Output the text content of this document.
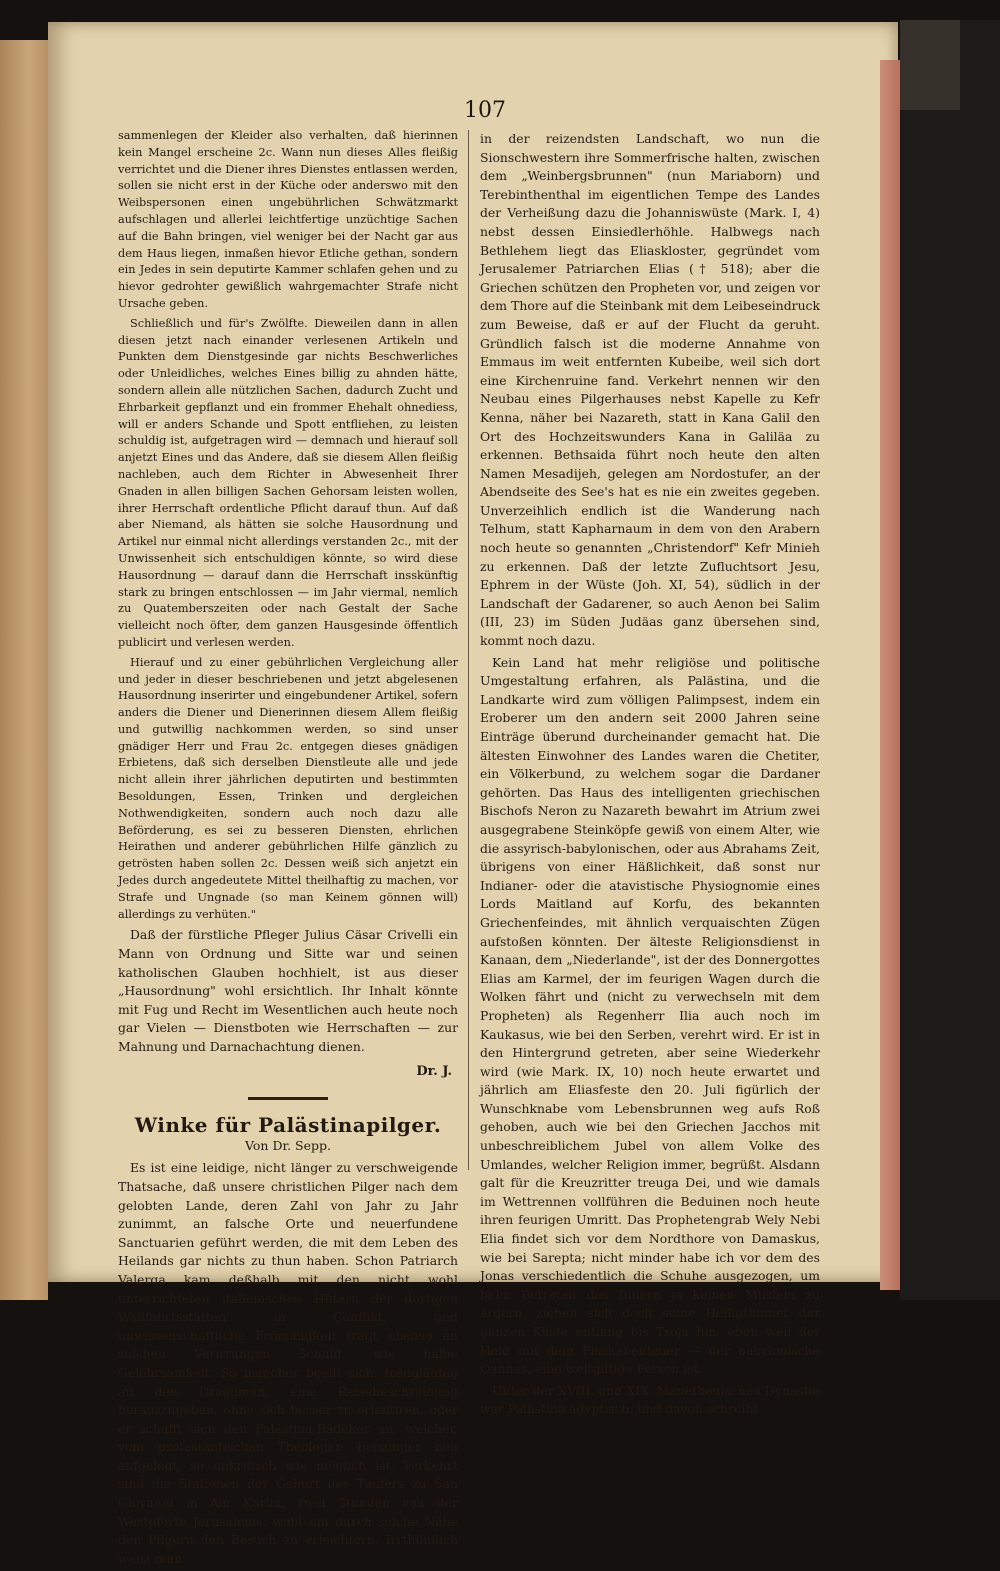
107

sammenlegen der Kleider also verhalten, daß hierinnen kein Mangel erscheine 2c. Wann nun dieses Alles fleißig verrichtet und die Diener ihres Dienstes entlassen werden, sollen sie nicht erst in der Küche oder anderswo mit den Weibspersonen einen ungebührlichen Schwätzmarkt aufschlagen und allerlei leichtfertige unzüchtige Sachen auf die Bahn bringen, viel weniger bei der Nacht gar aus dem Haus liegen, inmaßen hievor Etliche gethan, sondern ein Jedes in sein deputirte Kammer schlafen gehen und zu hievor gedrohter gewißlich wahrgemachter Strafe nicht Ursache geben.

Schließlich und für's Zwölfte. Dieweilen dann in allen diesen jetzt nach einander verlesenen Artikeln und Punkten dem Dienstgesinde gar nichts Beschwerliches oder Unleidliches, welches Eines billig zu ahnden hätte, sondern allein alle nützlichen Sachen, dadurch Zucht und Ehrbarkeit gepflanzt und ein frommer Ehehalt ohnediess, will er anders Schande und Spott entfliehen, zu leisten schuldig ist, aufgetragen wird — demnach und hierauf soll anjetzt Eines und das Andere, daß sie diesem Allen fleißig nachleben, auch dem Richter in Abwesenheit Ihrer Gnaden in allen billigen Sachen Gehorsam leisten wollen, ihrer Herrschaft ordentliche Pflicht darauf thun. Auf daß aber Niemand, als hätten sie solche Hausordnung und Artikel nur einmal nicht allerdings verstanden 2c., mit der Unwissenheit sich entschuldigen könnte, so wird diese Hausordnung — darauf dann die Herrschaft insskünftig stark zu bringen entschlossen — im Jahr viermal, nemlich zu Quatemberszeiten oder nach Gestalt der Sache vielleicht noch öfter, dem ganzen Hausgesinde öffentlich publicirt und verlesen werden.

Hierauf und zu einer gebührlichen Vergleichung aller und jeder in dieser beschriebenen und jetzt abgelesenen Hausordnung inserirter und eingebundener Artikel, sofern anders die Diener und Dienerinnen diesem Allem fleißig und gutwillig nachkommen werden, so sind unser gnädiger Herr und Frau 2c. entgegen dieses gnädigen Erbietens, daß sich derselben Dienstleute alle und jede nicht allein ihrer jährlichen deputirten und bestimmten Besoldungen, Essen, Trinken und dergleichen Nothwendigkeiten, sondern auch noch dazu alle Beförderung, es sei zu besseren Diensten, ehrlichen Heirathen und anderer gebührlichen Hilfe gänzlich zu getrösten haben sollen 2c. Dessen weiß sich anjetzt ein Jedes durch angedeutete Mittel theilhaftig zu machen, vor Strafe und Ungnade (so man Keinem gönnen will) allerdings zu verhüten."

Daß der fürstliche Pfleger Julius Cäsar Crivelli ein Mann von Ordnung und Sitte war und seinen katholischen Glauben hochhielt, ist aus dieser „Hausordnung" wohl ersichtlich. Ihr Inhalt könnte mit Fug und Recht im Wesentlichen auch heute noch gar Vielen — Dienstboten wie Herrschaften — zur Mahnung und Darnachachtung dienen.

Dr. J.
Winke für Palästinapilger.
Von Dr. Sepp.

Es ist eine leidige, nicht länger zu verschweigende Thatsache, daß unsere christlichen Pilger nach dem gelobten Lande, deren Zahl von Jahr zu Jahr zunimmt, an falsche Orte und neuerfundene Sanctuarien geführt werden, die mit dem Leben des Heilands gar nichts zu thun haben. Schon Patriarch Valerga kam deßhalb mit den nicht wohl unterrichteten italienischen Hütern der dortigen Wallfahrtsstätten in Conflikt, und unwissenschaftliche Frömmigkeit trägt ebenso an solchen Verirrungen Schuld, wie halbe Gelehrsamkeit. So mancher beeilt sich, treugläubig an den Dragoman, eine Reisebeschreibung herauszugeben, ohne sich besser zu orientiren, oder er schafft sich den Palästina-Bädeker an, welcher, vom protestantischen Theologen Benzinger neu aufgelegt, so unkritisch wie möglich ist. Verkehrt sind die Stationen der Geburt des Täufers zu San Giovanni in Ain Karim, zwei Stunden von der Westpforte Jerusalems, wohl um durch solche Nähe den Pilgern den Besuch zu erleichtern. Irrthümlich weist man

in der reizendsten Landschaft, wo nun die Sionschwestern ihre Sommerfrische halten, zwischen dem „Weinbergsbrunnen" (nun Mariaborn) und Terebinthenthal im eigentlichen Tempe des Landes der Verheißung dazu die Johanniswüste (Mark. I, 4) nebst dessen Einsiedlerhöhle. Halbwegs nach Bethlehem liegt das Eliaskloster, gegründet vom Jerusalemer Patriarchen Elias († 518); aber die Griechen schützen den Propheten vor, und zeigen vor dem Thore auf die Steinbank mit dem Leibeseindruck zum Beweise, daß er auf der Flucht da geruht. Gründlich falsch ist die moderne Annahme von Emmaus im weit entfernten Kubeibe, weil sich dort eine Kirchenruine fand. Verkehrt nennen wir den Neubau eines Pilgerhauses nebst Kapelle zu Kefr Kenna, näher bei Nazareth, statt in Kana Galil den Ort des Hochzeitswunders Kana in Galiläa zu erkennen. Bethsaida führt noch heute den alten Namen Mesadijeh, gelegen am Nordostufer, an der Abendseite des See's hat es nie ein zweites gegeben. Unverzeihlich endlich ist die Wanderung nach Telhum, statt Kapharnaum in dem von den Arabern noch heute so genannten „Christendorf" Kefr Minieh zu erkennen. Daß der letzte Zufluchtsort Jesu, Ephrem in der Wüste (Joh. XI, 54), südlich in der Landschaft der Gadarener, so auch Aenon bei Salim (III, 23) im Süden Judäas ganz übersehen sind, kommt noch dazu.

Kein Land hat mehr religiöse und politische Umgestaltung erfahren, als Palästina, und die Landkarte wird zum völligen Palimpsest, indem ein Eroberer um den andern seit 2000 Jahren seine Einträge überund durcheinander gemacht hat. Die ältesten Einwohner des Landes waren die Chetiter, ein Völkerbund, zu welchem sogar die Dardaner gehörten. Das Haus des intelligenten griechischen Bischofs Neron zu Nazareth bewahrt im Atrium zwei ausgegrabene Steinköpfe gewiß von einem Alter, wie die assyrisch-babylonischen, oder aus Abrahams Zeit, übrigens von einer Häßlichkeit, daß sonst nur Indianer- oder die atavistische Physiognomie eines Lords Maitland auf Korfu, des bekannten Griechenfeindes, mit ähnlich verquaischten Zügen aufstoßen könnten. Der älteste Religionsdienst in Kanaan, dem „Niederlande", ist der des Donnergottes Elias am Karmel, der im feurigen Wagen durch die Wolken fährt und (nicht zu verwechseln mit dem Propheten) als Regenherr Ilia auch noch im Kaukasus, wie bei den Serben, verehrt wird. Er ist in den Hintergrund getreten, aber seine Wiederkehr wird (wie Mark. IX, 10) noch heute erwartet und jährlich am Eliasfeste den 20. Juli figürlich der Wunschknabe vom Lebensbrunnen weg aufs Roß gehoben, auch wie bei den Griechen Jacchos mit unbeschreiblichem Jubel von allem Volke des Umlandes, welcher Religion immer, begrüßt. Alsdann galt für die Kreuzritter treuga Dei, und wie damals im Wettrennen vollführen die Beduinen noch heute ihren feurigen Umritt. Das Prophetengrab Wely Nebi Elia findet sich vor dem Nordthore von Damaskus, wie bei Sarepta; nicht minder habe ich vor dem des Jonas verschiedentlich die Schuhe ausgezogen, um beim Betreten des Innern ja keinen Muslem zu ärgern, ziehen sich doch seine Heiligthümer der ganzen Küste entlang bis Troja hin, eben weil der Held mit dem Fischabenteuer — der babylonische Oannes, eine weltgiltige Person ist.

Unter der XVIII. und XIX. Manethonischen Dynastie war Palästina ägyptisch, und davon schreibt
